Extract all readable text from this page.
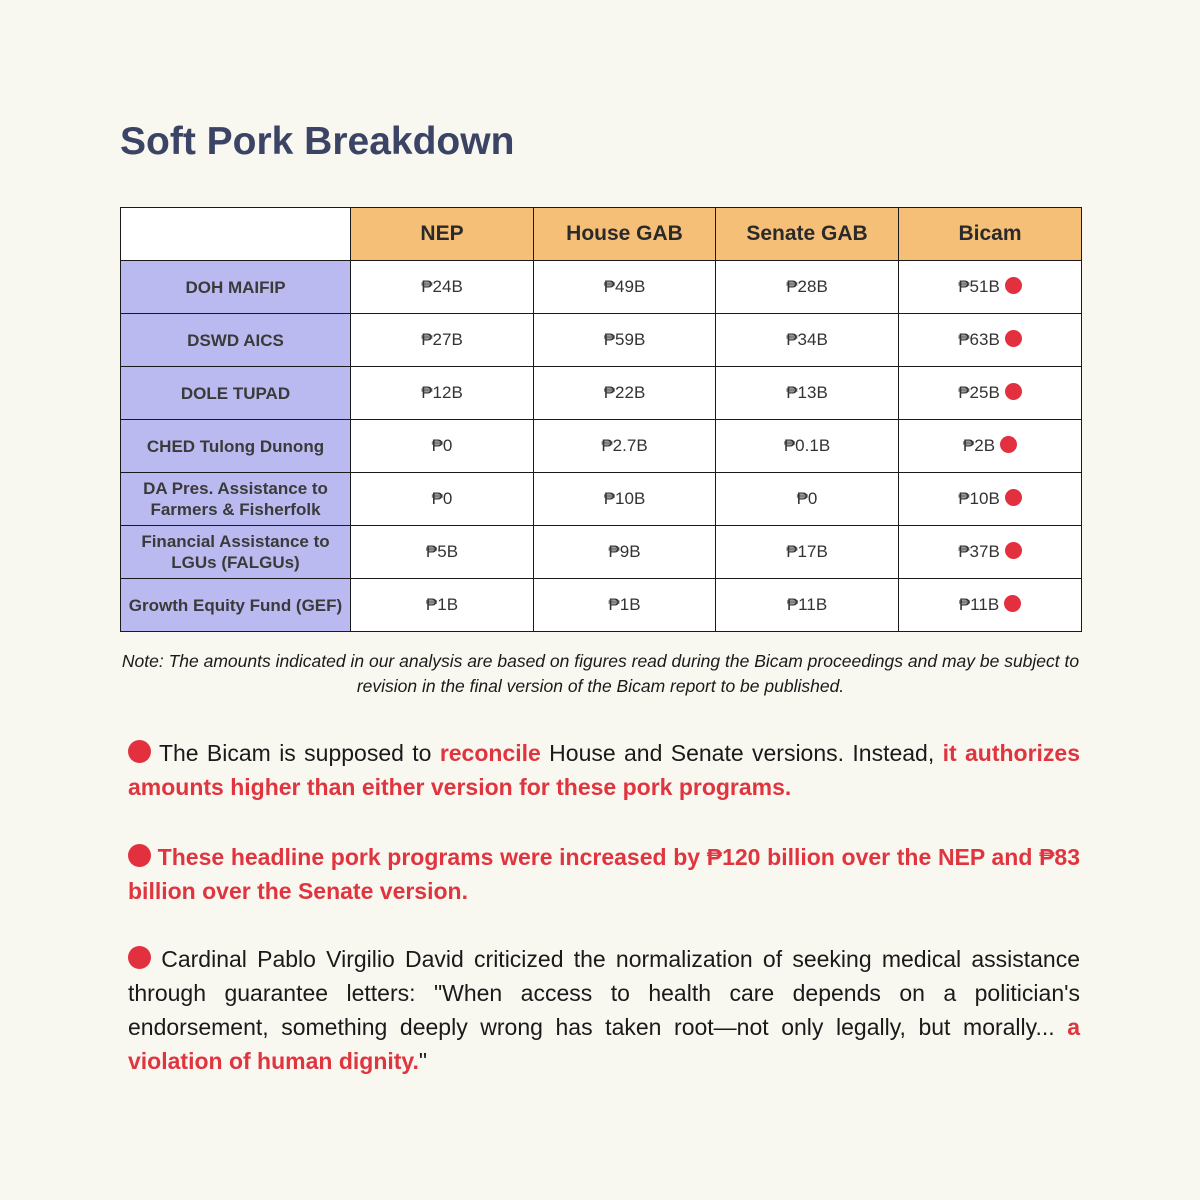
Soft Pork Breakdown
	NEP	House GAB	Senate GAB	Bicam
DOH MAIFIP	₱24B	₱49B	₱28B	₱51B
DSWD AICS	₱27B	₱59B	₱34B	₱63B
DOLE TUPAD	₱12B	₱22B	₱13B	₱25B
CHED Tulong Dunong	₱0	₱2.7B	₱0.1B	₱2B
DA Pres. Assistance to Farmers & Fisherfolk	₱0	₱10B	₱0	₱10B
Financial Assistance to LGUs (FALGUs)	₱5B	₱9B	₱17B	₱37B
Growth Equity Fund (GEF)	₱1B	₱1B	₱11B	₱11B

Note: The amounts indicated in our analysis are based on figures read during the Bicam proceedings and may be subject to revision in the final version of the Bicam report to be published.

The Bicam is supposed to reconcile House and Senate versions. Instead, it authorizes amounts higher than either version for these pork programs.

These headline pork programs were increased by ₱120 billion over the NEP and ₱83 billion over the Senate version.

Cardinal Pablo Virgilio David criticized the normalization of seeking medical assistance through guarantee letters: "When access to health care depends on a politician's endorsement, something deeply wrong has taken root—not only legally, but morally... a violation of human dignity."
